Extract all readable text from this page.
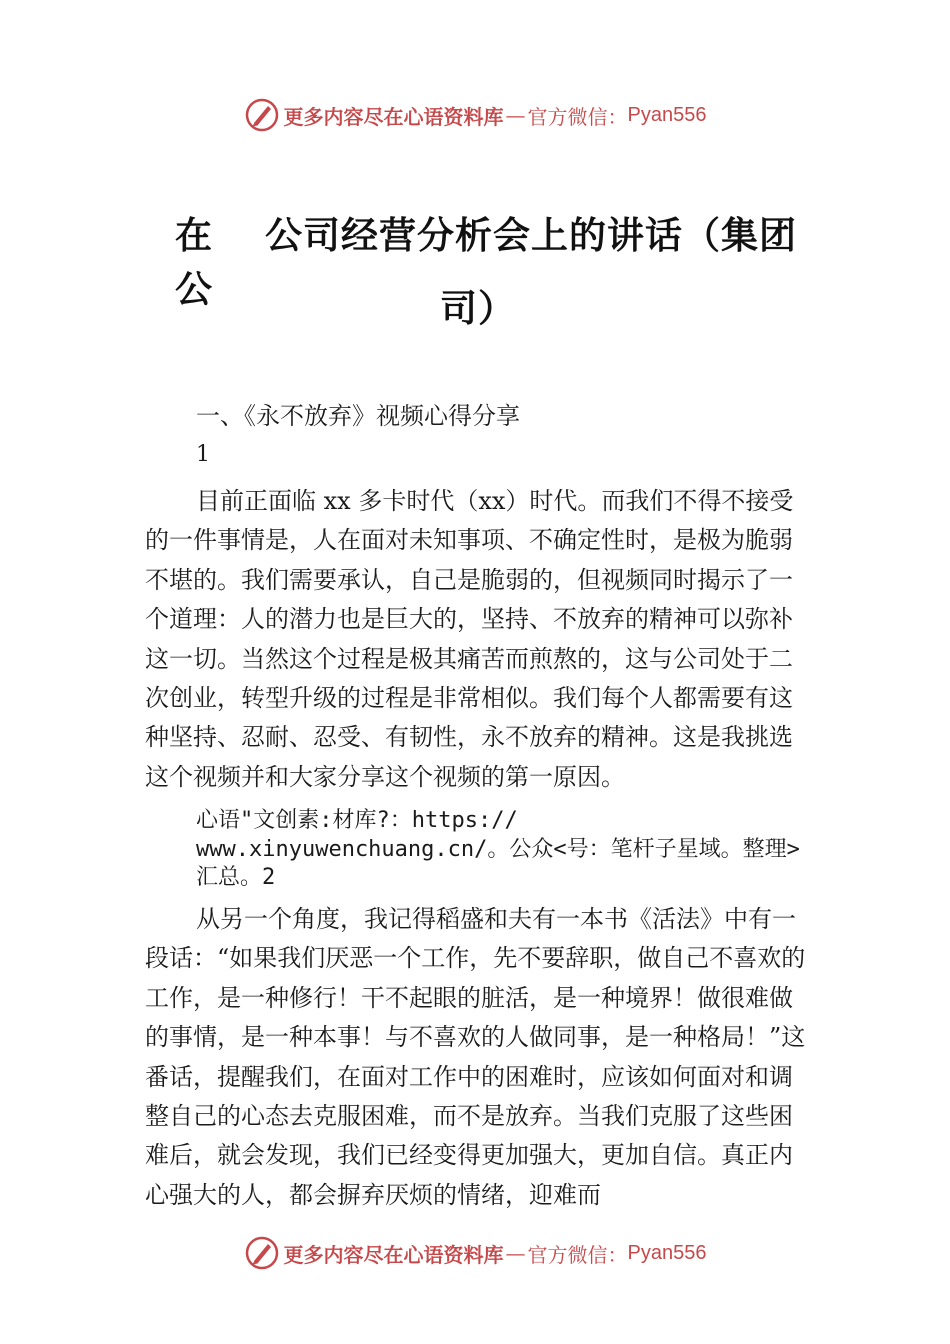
更多内容尽在心语资料库 — 官方微信： Pyan556
在 公司经营分析会上的讲话（集团公	司）
一、《永不放弃》视频心得分享
1

目前正面临 xx 多卡时代（xx）时代。而我们不得不接受的一件事情是，人在面对未知事项、不确定性时，是极为脆弱不堪的。我们需要承认，自己是脆弱的，但视频同时揭示了一个道理：人的潜力也是巨大的，坚持、不放弃的精神可以弥补这一切。当然这个过程是极其痛苦而煎熬的，这与公司处于二次创业，转型升级的过程是非常相似。我们每个人都需要有这种坚持、忍耐、忍受、有韧性，永不放弃的精神。这是我挑选这个视频并和大家分享这个视频的第一原因。

心语"文创素:材库?：https://
www.xinyuwenchuang.cn/。公众<号：笔杆子星域。整理>
汇总。2

从另一个角度，我记得稻盛和夫有一本书《活法》中有一段话：“如果我们厌恶一个工作，先不要辞职，做自己不喜欢的工作，是一种修行！干不起眼的脏活，是一种境界！做很难做的事情，是一种本事！与不喜欢的人做同事，是一种格局！”这番话，提醒我们，在面对工作中的困难时，应该如何面对和调整自己的心态去克服困难，而不是放弃。当我们克服了这些困难后，就会发现，我们已经变得更加强大，更加自信。真正内心强大的人，都会摒弃厌烦的情绪，迎难而

更多内容尽在心语资料库 — 官方微信： Pyan556
